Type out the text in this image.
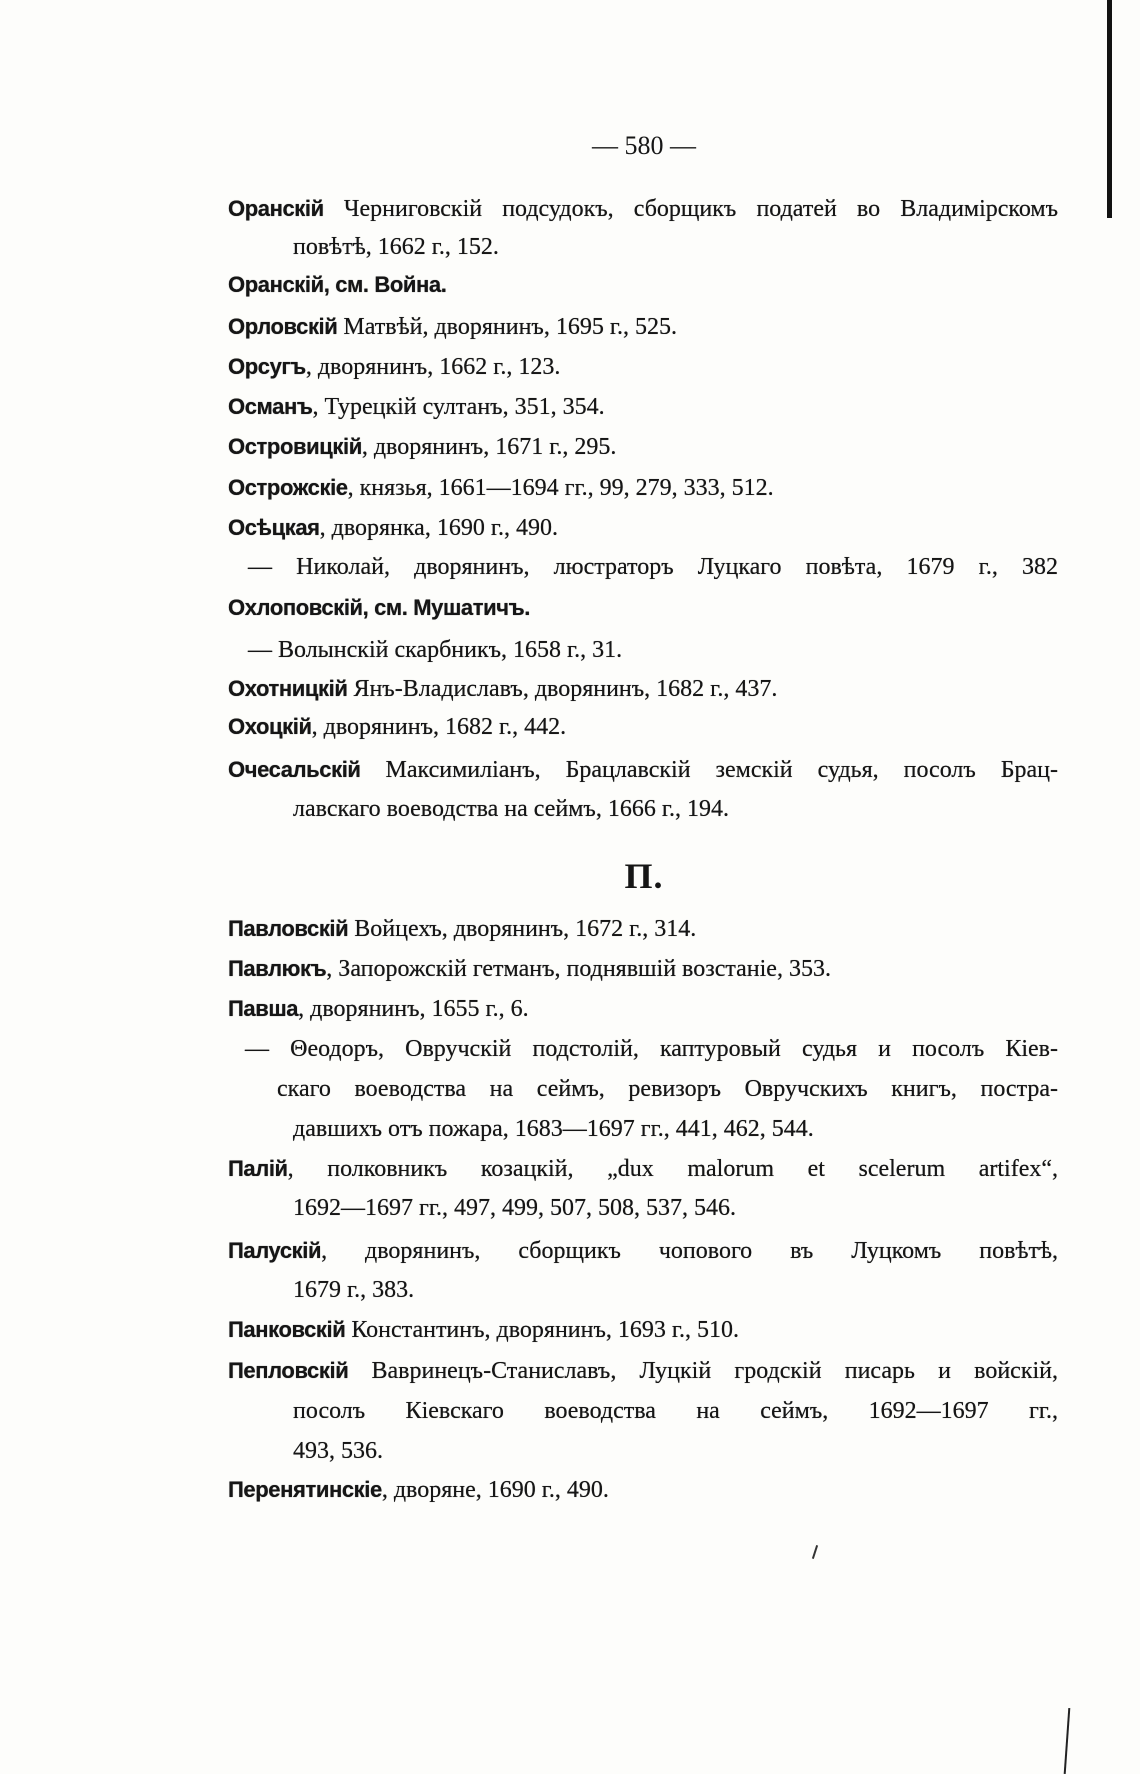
— 580 —
Оранскій Черниговскій подсудокъ, сборщикъ податей во Владимірскомъ
повѣтѣ, 1662 г., 152.
Оранскій, см. Война.
Орловскій Матвѣй, дворянинъ, 1695 г., 525.
Орсугъ, дворянинъ, 1662 г., 123.
Османъ, Турецкій султанъ, 351, 354.
Островицкій, дворянинъ, 1671 г., 295.
Острожскіе, князья, 1661—1694 гг., 99, 279, 333, 512.
Осѣцкая, дворянка, 1690 г., 490.
— Николай, дворянинъ, люстраторъ Луцкаго повѣта, 1679 г., 382
Охлоповскій, см. Мушатичъ.
— Волынскій скарбникъ, 1658 г., 31.
Охотницкій Янъ-Владиславъ, дворянинъ, 1682 г., 437.
Охоцкій, дворянинъ, 1682 г., 442.
Очесальскій Максимиліанъ, Брацлавскій земскій судья, посолъ Брац-
лавскаго воеводства на сеймъ, 1666 г., 194.
П.
Павловскій Войцехъ, дворянинъ, 1672 г., 314.
Павлюкъ, Запорожскій гетманъ, поднявшій возстаніе, 353.
Павша, дворянинъ, 1655 г., 6.
— Θеодоръ, Овручскій подстолій, каптуровый судья и посолъ Кіев-
скаго воеводства на сеймъ, ревизоръ Овручскихъ книгъ, постра-
давшихъ отъ пожара, 1683—1697 гг., 441, 462, 544.
Палій, полковникъ козацкій, „dux malorum et scelerum artifex“,
1692—1697 гг., 497, 499, 507, 508, 537, 546.
Палускій, дворянинъ, сборщикъ чопового въ Луцкомъ повѣтѣ,
1679 г., 383.
Панковскій Константинъ, дворянинъ, 1693 г., 510.
Пепловскій Вавринецъ-Станиславъ, Луцкій гродскій писарь и войскій,
посолъ Кіевскаго воеводства на сеймъ, 1692—1697 гг.,
493, 536.
Перенятинскіе, дворяне, 1690 г., 490.
